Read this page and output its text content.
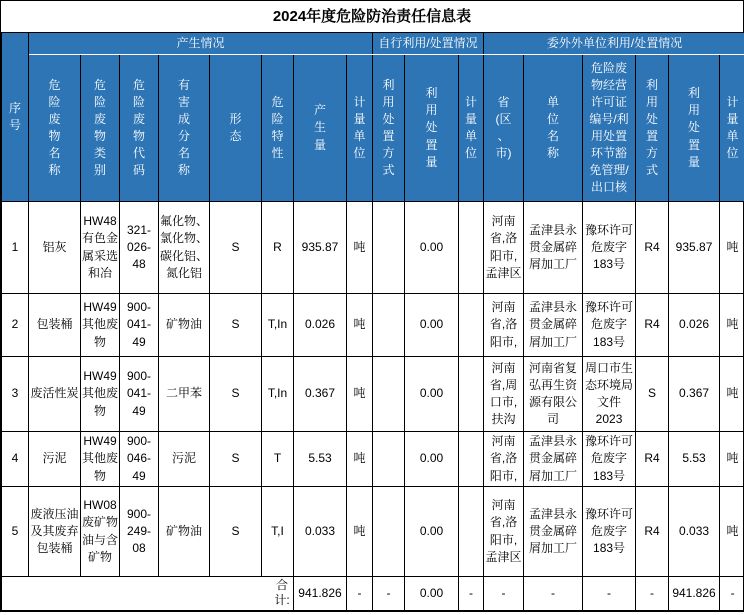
2024年度危险防治责任信息表
序号	产生情况								自行利用/处置情况			委外外单位利用/处置情况					
	危险废物名称	危险废物类别	危险废物代码	有害成分名称	形态	危险特性	产生量	计量单位	利用处置方式	利用处置量	计量单位	省(区、市)	单位名称	危险废物经营许可证编号/利用处置环节豁免管理/出口核	利用处置方式	利用处置量	计量单位
1	铝灰	HW48有色金属采选和冶	321-026-48	氟化物、氯化物、碳化铝、氮化铝	S	R	935.87	吨		0.00		河南省,洛阳市,孟津区	孟津县永贯金属碎屑加工厂	豫环许可危废字183号	R4	935.87	吨
2	包装桶	HW49其他废物	900-041-49	矿物油	S	T,In	0.026	吨		0.00		河南省,洛阳市,	孟津县永贯金属碎屑加工厂	豫环许可危废字183号	R4	0.026	吨
3	废活性炭	HW49其他废物	900-041-49	二甲苯	S	T,In	0.367	吨		0.00		河南省,周口市,扶沟	河南省复弘再生资源有限公司	周口市生态环境局文件2023	S	0.367	吨
4	污泥	HW49其他废物	900-046-49	污泥	S	T	5.53	吨		0.00		河南省,洛阳市,	孟津县永贯金属碎屑加工厂	豫环许可危废字183号	R4	5.53	吨
5	废液压油及其废弃包装桶	HW08废矿物油与含矿物	900-249-08	矿物油	S	T,I	0.033	吨		0.00		河南省,洛阳市,孟津区	孟津县永贯金属碎屑加工厂	豫环许可危废字183号	R4	0.033	吨
合计:							941.826	-	-	0.00	-	-	-	-	-	941.826	-
